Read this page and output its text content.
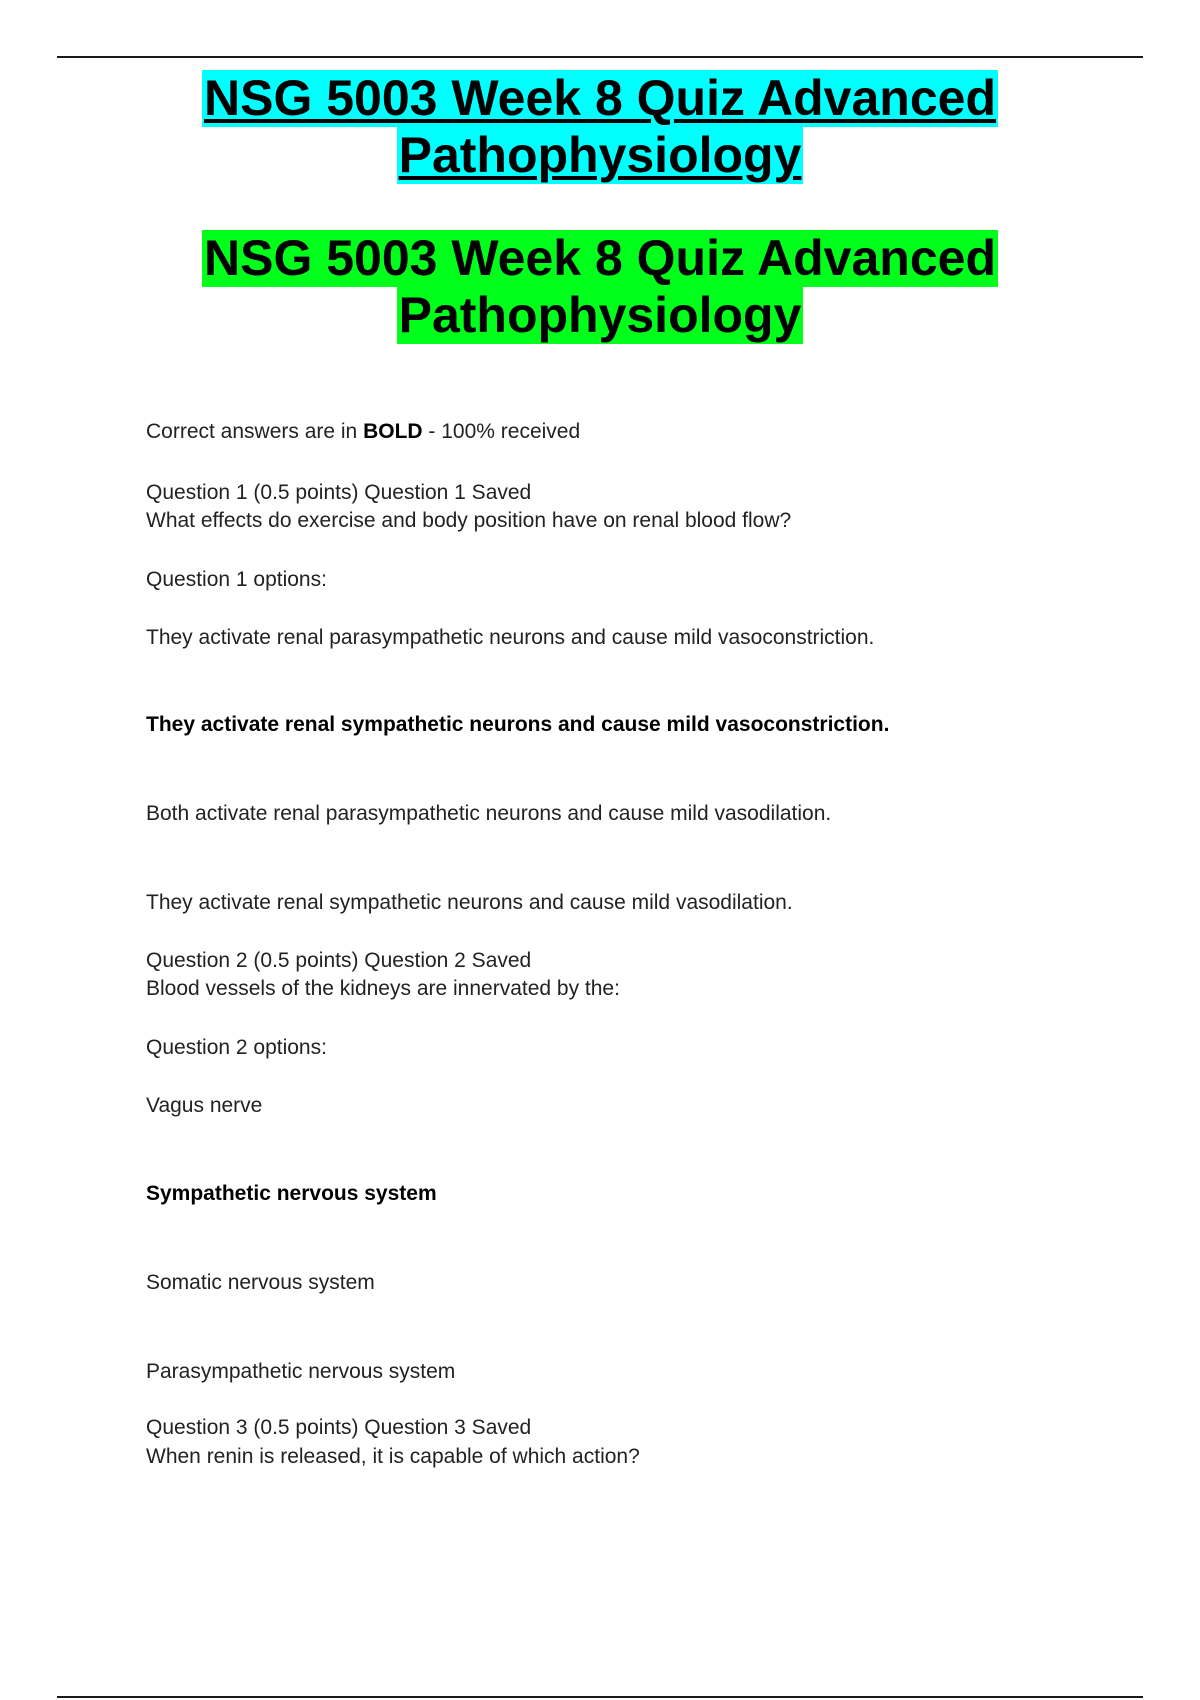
NSG 5003 Week 8 Quiz Advanced
Pathophysiology
NSG 5003 Week 8 Quiz Advanced
Pathophysiology
Correct answers are in BOLD - 100% received
Question 1 (0.5 points) Question 1 Saved
What effects do exercise and body position have on renal blood flow?
Question 1 options:
They activate renal parasympathetic neurons and cause mild vasoconstriction.
They activate renal sympathetic neurons and cause mild vasoconstriction.
Both activate renal parasympathetic neurons and cause mild vasodilation.
They activate renal sympathetic neurons and cause mild vasodilation.
Question 2 (0.5 points) Question 2 Saved
Blood vessels of the kidneys are innervated by the:
Question 2 options:
Vagus nerve
Sympathetic nervous system
Somatic nervous system
Parasympathetic nervous system
Question 3 (0.5 points) Question 3 Saved
When renin is released, it is capable of which action?
